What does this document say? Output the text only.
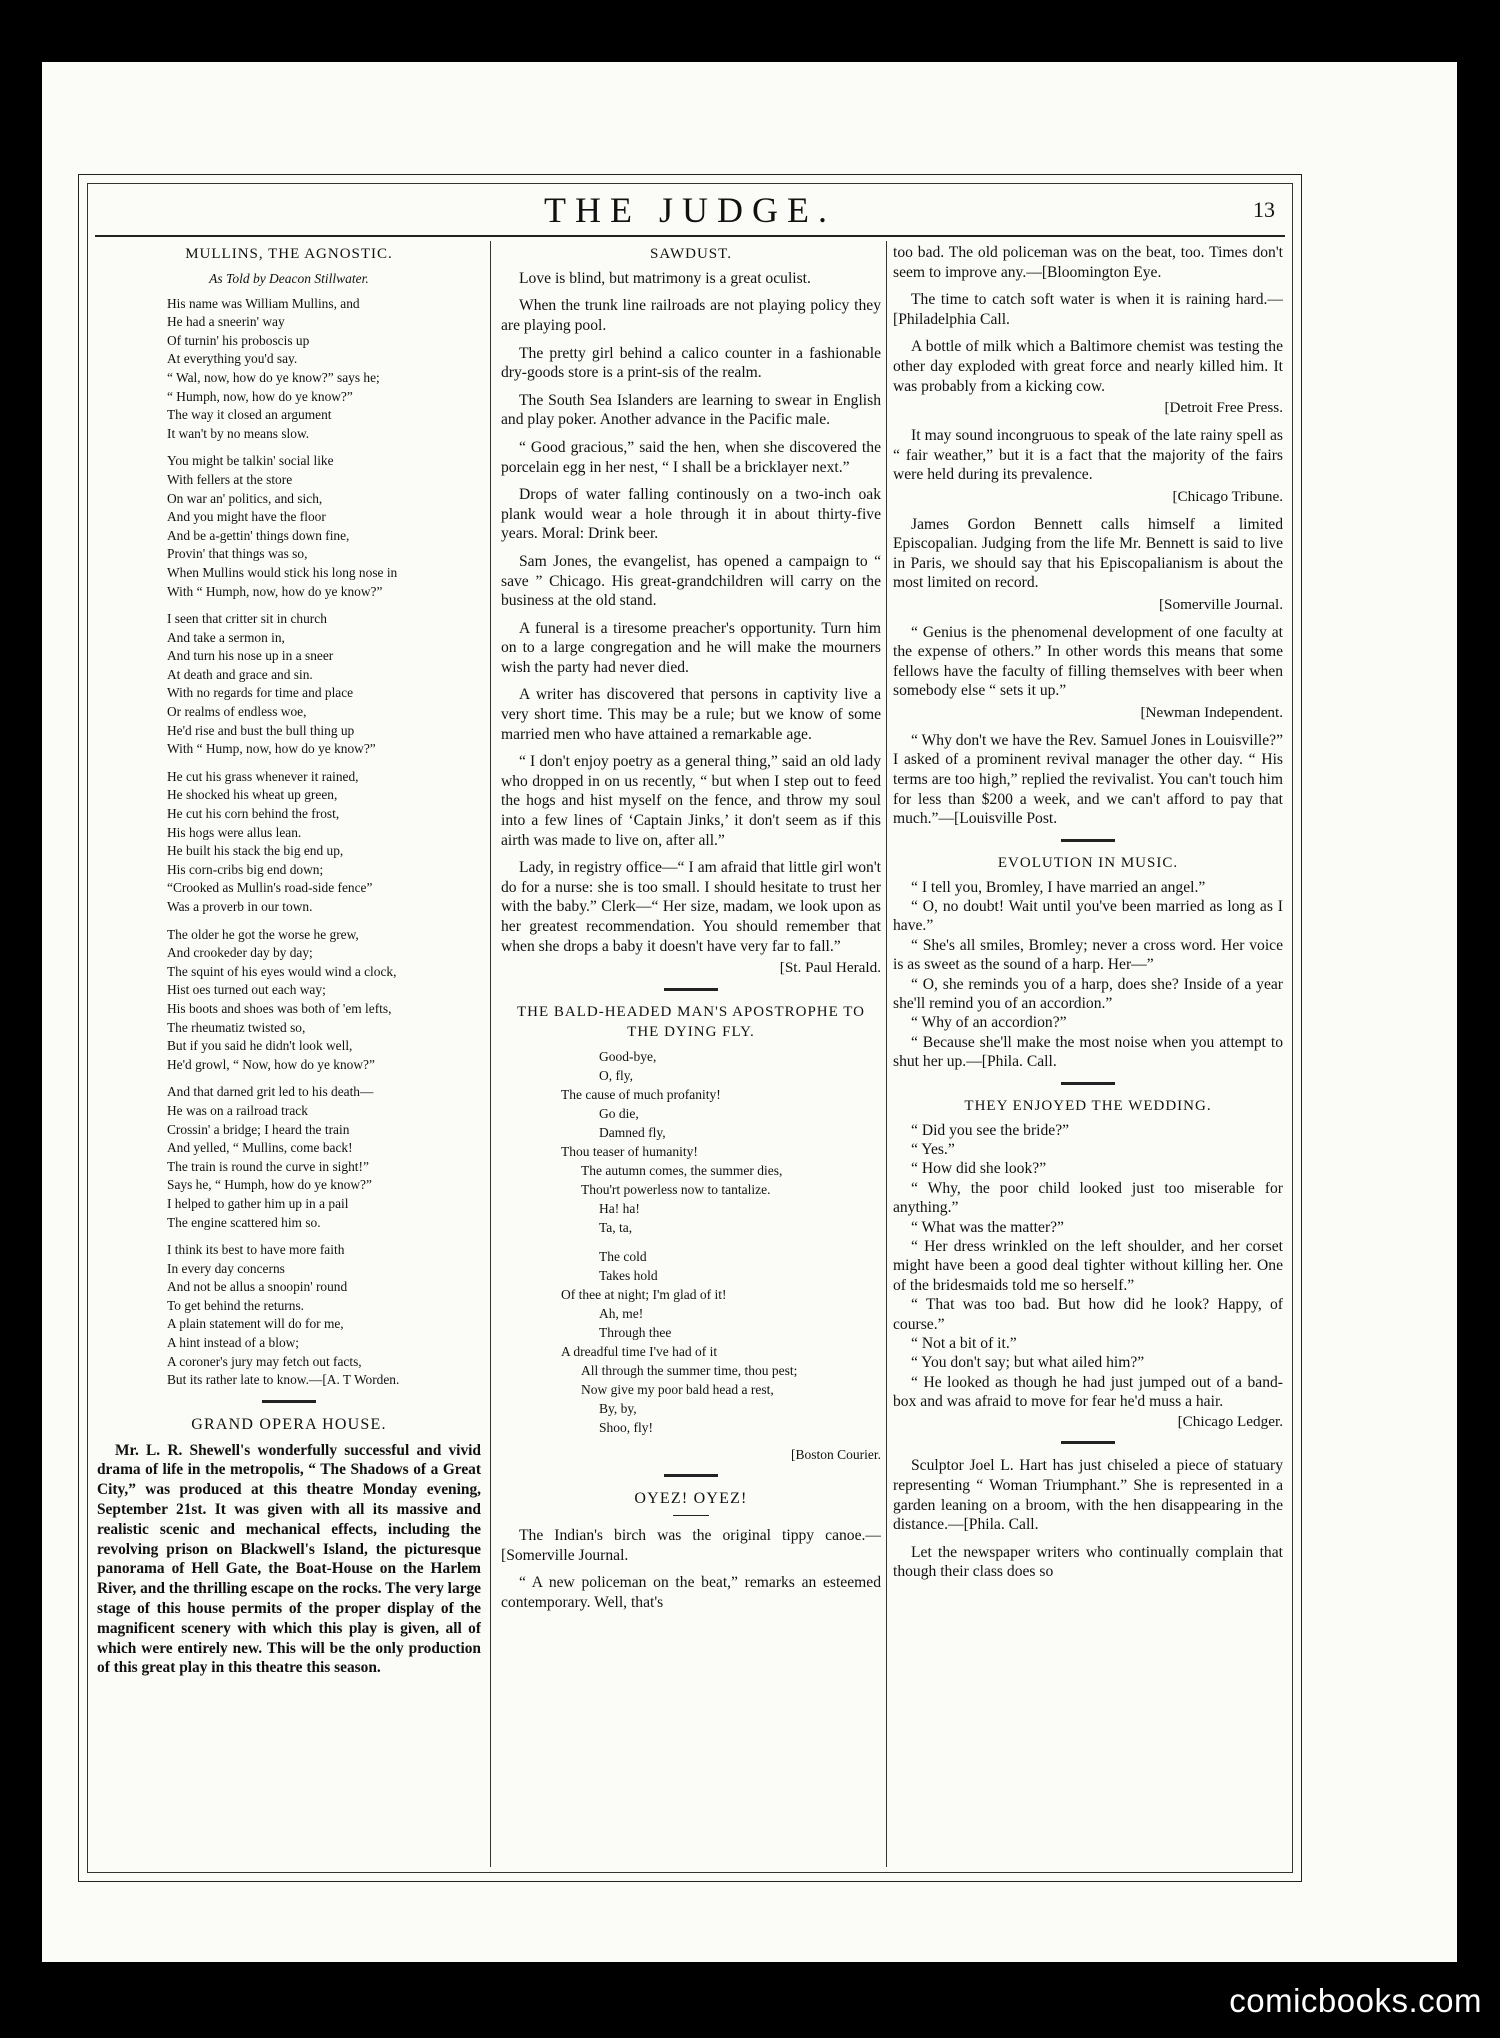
THE JUDGE.	13
MULLINS, THE AGNOSTIC.
As Told by Deacon Stillwater.
His name was William Mullins, and
He had a sneerin' way
Of turnin' his proboscis up
At everything you'd say.
“ Wal, now, how do ye know?” says he;
“ Humph, now, how do ye know?”
The way it closed an argument
It wan't by no means slow.
You might be talkin' social like
With fellers at the store
On war an' politics, and sich,
And you might have the floor
And be a-gettin' things down fine,
Provin' that things was so,
When Mullins would stick his long nose in
With “ Humph, now, how do ye know?”
I seen that critter sit in church
And take a sermon in,
And turn his nose up in a sneer
At death and grace and sin.
With no regards for time and place
Or realms of endless woe,
He'd rise and bust the bull thing up
With “ Hump, now, how do ye know?”
He cut his grass whenever it rained,
He shocked his wheat up green,
He cut his corn behind the frost,
His hogs were allus lean.
He built his stack the big end up,
His corn-cribs big end down;
“Crooked as Mullin's road-side fence”
Was a proverb in our town.
The older he got the worse he grew,
And crookeder day by day;
The squint of his eyes would wind a clock,
Hist oes turned out each way;
His boots and shoes was both of 'em lefts,
The rheumatiz twisted so,
But if you said he didn't look well,
He'd growl, “ Now, how do ye know?”
And that darned grit led to his death—
He was on a railroad track
Crossin' a bridge; I heard the train
And yelled, “ Mullins, come back!
The train is round the curve in sight!”
Says he, “ Humph, how do ye know?”
I helped to gather him up in a pail
The engine scattered him so.
I think its best to have more faith
In every day concerns
And not be allus a snoopin' round
To get behind the returns.
A plain statement will do for me,
A hint instead of a blow;
A coroner's jury may fetch out facts,
But its rather late to know.—[A. T Worden.
GRAND OPERA HOUSE.

Mr. L. R. Shewell's wonderfully successful and vivid drama of life in the metropolis, “ The Shadows of a Great City,” was produced at this theatre Monday evening, September 21st. It was given with all its massive and realistic scenic and mechanical effects, including the revolving prison on Blackwell's Island, the picturesque panorama of Hell Gate, the Boat-House on the Harlem River, and the thrilling escape on the rocks. The very large stage of this house permits of the proper display of the magnificent scenery with which this play is given, all of which were entirely new. This will be the only production of this great play in this theatre this season.

SAWDUST.

Love is blind, but matrimony is a great oculist.

When the trunk line railroads are not playing policy they are playing pool.

The pretty girl behind a calico counter in a fashionable dry-goods store is a print-sis of the realm.

The South Sea Islanders are learning to swear in English and play poker. Another advance in the Pacific male.

“ Good gracious,” said the hen, when she discovered the porcelain egg in her nest, “ I shall be a bricklayer next.”

Drops of water falling continously on a two-inch oak plank would wear a hole through it in about thirty-five years. Moral: Drink beer.

Sam Jones, the evangelist, has opened a campaign to “ save ” Chicago. His great-grandchildren will carry on the business at the old stand.

A funeral is a tiresome preacher's opportunity. Turn him on to a large congregation and he will make the mourners wish the party had never died.

A writer has discovered that persons in captivity live a very short time. This may be a rule; but we know of some married men who have attained a remarkable age.

“ I don't enjoy poetry as a general thing,” said an old lady who dropped in on us recently, “ but when I step out to feed the hogs and hist myself on the fence, and throw my soul into a few lines of ‘Captain Jinks,’ it don't seem as if this airth was made to live on, after all.”

Lady, in registry office—“ I am afraid that little girl won't do for a nurse: she is too small. I should hesitate to trust her with the baby.” Clerk—“ Her size, madam, we look upon as her greatest recommendation. You should remember that when she drops a baby it doesn't have very far to fall.”

[St. Paul Herald.
THE BALD-HEADED MAN'S APOSTROPHE TO THE DYING FLY.
Good-bye,
O, fly,
The cause of much profanity!
Go die,
Damned fly,
Thou teaser of humanity!
The autumn comes, the summer dies,
Thou'rt powerless now to tantalize.
Ha! ha!
Ta, ta,
The cold
Takes hold
Of thee at night; I'm glad of it!
Ah, me!
Through thee
A dreadful time I've had of it
All through the summer time, thou pest;
Now give my poor bald head a rest,
By, by,
Shoo, fly!
[Boston Courier.
OYEZ! OYEZ!

The Indian's birch was the original tippy canoe.—[Somerville Journal.

“ A new policeman on the beat,” remarks an esteemed contemporary. Well, that's

too bad. The old policeman was on the beat, too. Times don't seem to improve any.—[Bloomington Eye.

The time to catch soft water is when it is raining hard.—[Philadelphia Call.

A bottle of milk which a Baltimore chemist was testing the other day exploded with great force and nearly killed him. It was probably from a kicking cow.

[Detroit Free Press.

It may sound incongruous to speak of the late rainy spell as “ fair weather,” but it is a fact that the majority of the fairs were held during its prevalence.

[Chicago Tribune.

James Gordon Bennett calls himself a limited Episcopalian. Judging from the life Mr. Bennett is said to live in Paris, we should say that his Episcopalianism is about the most limited on record.

[Somerville Journal.

“ Genius is the phenomenal development of one faculty at the expense of others.” In other words this means that some fellows have the faculty of filling themselves with beer when somebody else “ sets it up.”

[Newman Independent.

“ Why don't we have the Rev. Samuel Jones in Louisville?” I asked of a prominent revival manager the other day. “ His terms are too high,” replied the revivalist. You can't touch him for less than $200 a week, and we can't afford to pay that much.”—[Louisville Post.

EVOLUTION IN MUSIC.

“ I tell you, Bromley, I have married an angel.”

“ O, no doubt! Wait until you've been married as long as I have.”

“ She's all smiles, Bromley; never a cross word. Her voice is as sweet as the sound of a harp. Her—”

“ O, she reminds you of a harp, does she? Inside of a year she'll remind you of an accordion.”

“ Why of an accordion?”

“ Because she'll make the most noise when you attempt to shut her up.—[Phila. Call.

THEY ENJOYED THE WEDDING.

“ Did you see the bride?”

“ Yes.”

“ How did she look?”

“ Why, the poor child looked just too miserable for anything.”

“ What was the matter?”

“ Her dress wrinkled on the left shoulder, and her corset might have been a good deal tighter without killing her. One of the bridesmaids told me so herself.”

“ That was too bad. But how did he look? Happy, of course.”

“ Not a bit of it.”

“ You don't say; but what ailed him?”

“ He looked as though he had just jumped out of a band-box and was afraid to move for fear he'd muss a hair.

[Chicago Ledger.

Sculptor Joel L. Hart has just chiseled a piece of statuary representing “ Woman Triumphant.” She is represented in a garden leaning on a broom, with the hen disappearing in the distance.—[Phila. Call.

Let the newspaper writers who continually complain that though their class does so

comicbooks.com
